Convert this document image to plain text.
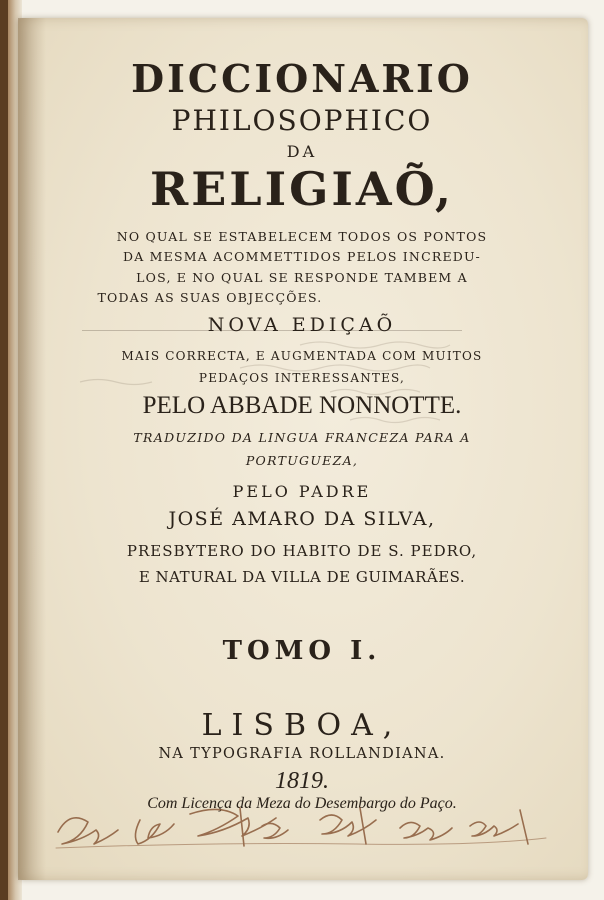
DICCIONARIO
PHILOSOPHICO
DA
RELIGIAÕ,
NO QUAL SE ESTABELECEM TODOS OS PONTOS
DA MESMA ACOMMETTIDOS PELOS INCREDU-
LOS, E NO QUAL SE RESPONDE TAMBEM A
TODAS AS SUAS OBJECÇÕES.
NOVA EDIÇAÕ
MAIS CORRECTA, E AUGMENTADA COM MUITOS
PEDAÇOS INTERESSANTES,
PELO ABBADE NONNOTTE.
TRADUZIDO DA LINGUA FRANCEZA PARA A
PORTUGUEZA,
PELO PADRE
JOSÉ AMARO DA SILVA,
PRESBYTERO DO HABITO DE S. PEDRO,
E NATURAL DA VILLA DE GUIMARÃES.
TOMO I.
LISBOA,
NA TYPOGRAFIA ROLLANDIANA.
1819.
Com Licença da Meza do Desembargo do Paço.
